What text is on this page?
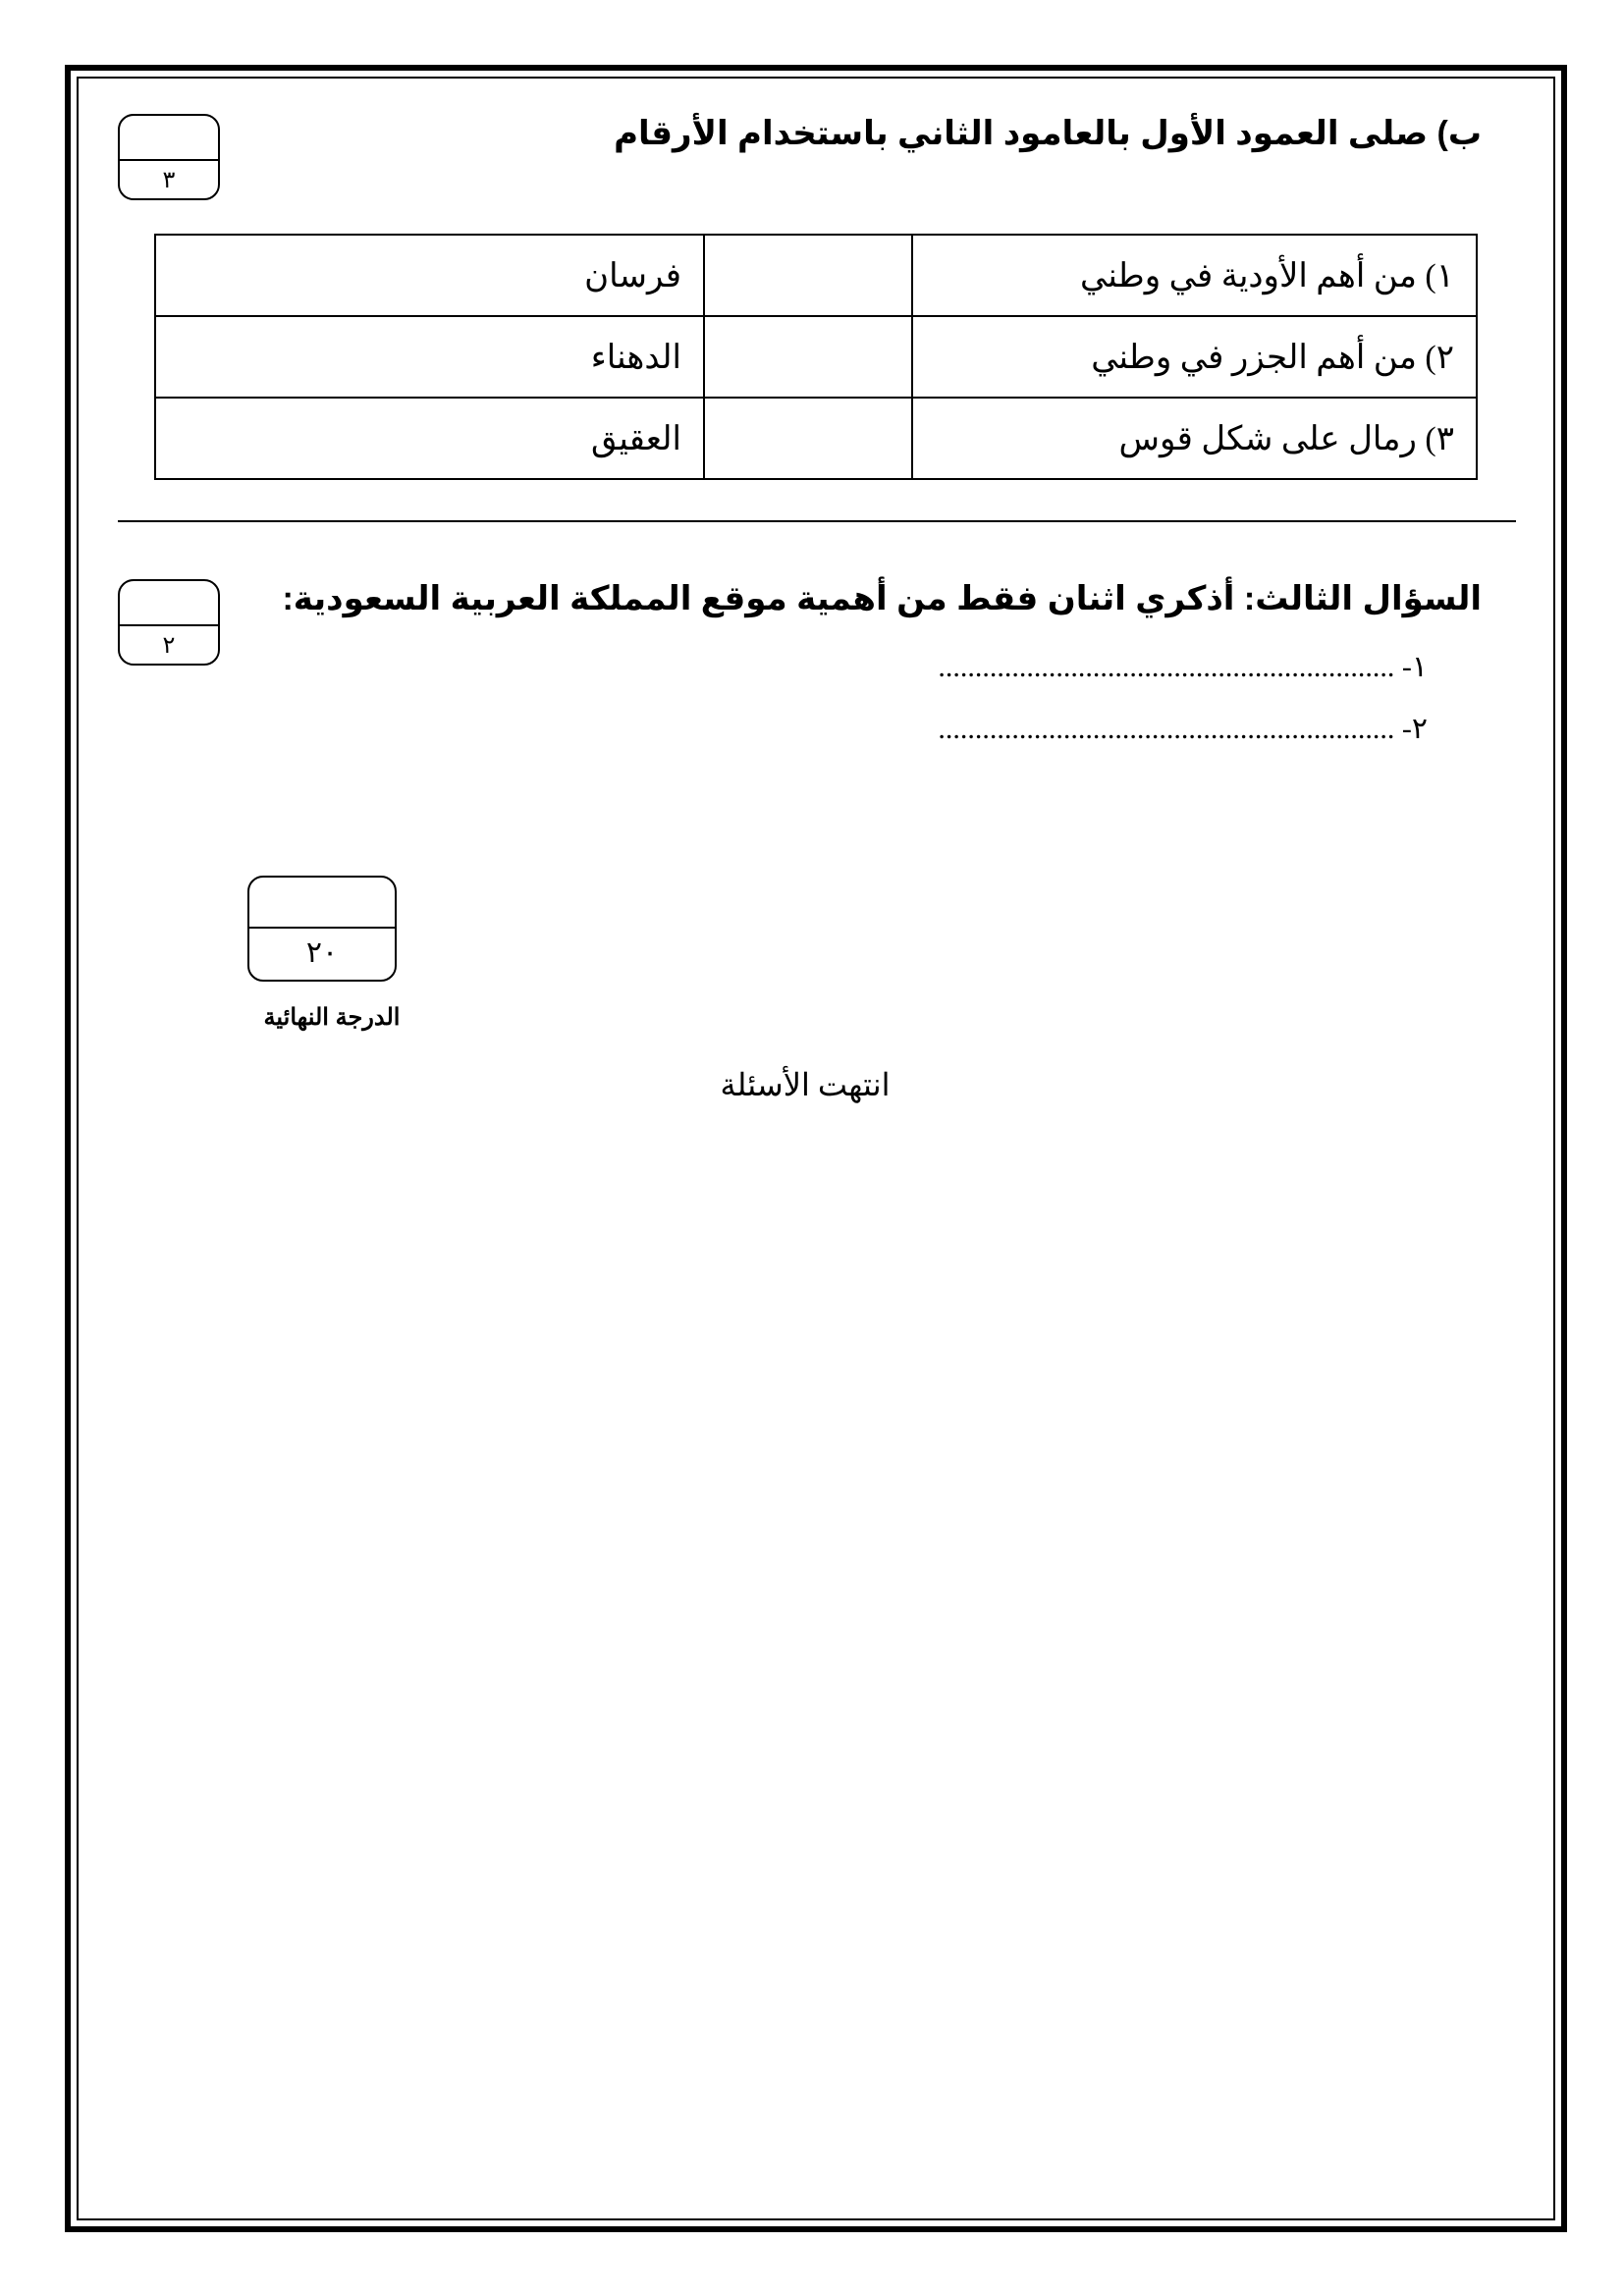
ب) صلى العمود الأول بالعامود الثاني باستخدام الأرقام
٣
١) من أهم الأودية في وطني		فرسان
٢) من أهم الجزر في وطني		الدهناء
٣) رمال على شكل قوس		العقيق
السؤال الثالث: أذكري اثنان فقط من أهمية موقع المملكة العربية السعودية:
٢
١- ..............................................................
٢- ..............................................................
٢٠
الدرجة النهائية
انتهت الأسئلة
